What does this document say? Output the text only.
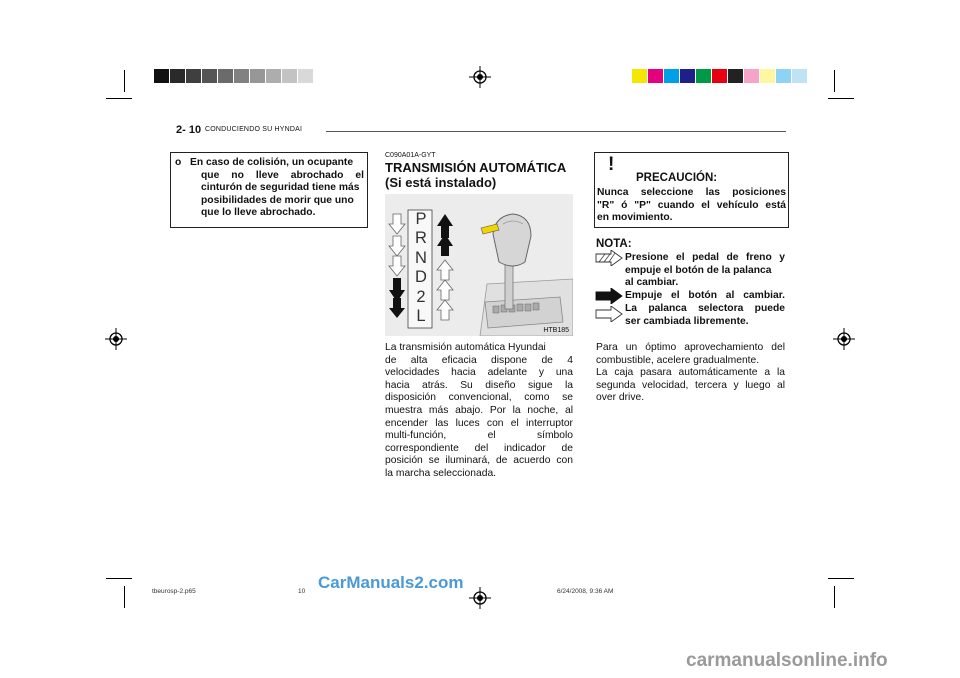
2- 10 CONDUCIENDO SU HYNDAI
o En caso de colisión, un ocupante
que no lleve abrochado el
cinturón de seguridad tiene más
posibilidades de morir que uno
que lo lleve abrochado.
C090A01A-GYT
TRANSMISIÓN AUTOMÁTICA
(Si está instalado)
P
R
N
D
2
L
HTB185
La transmisión automática Hyundai
de alta eficacia dispone de 4
velocidades hacia adelante y una
hacia atrás. Su diseño sigue la
disposición convencional, como se
muestra más abajo. Por la noche, al
encender las luces con el interruptor
multi-función, el símbolo
correspondiente del indicador de
posición se iluminará, de acuerdo con
la marcha seleccionada.
!
PRECAUCIÓN:
Nunca seleccione las posiciones
"R" ó "P" cuando el vehículo está
en movimiento.
NOTA:
Presione el pedal de freno y
empuje el botón de la palanca
al cambiar.
Empuje el botón al cambiar.
La palanca selectora puede
ser cambiada libremente.
Para un óptimo aprovechamiento del
combustible, acelere gradualmente.
La caja pasara automáticamente a la
segunda velocidad, tercera y luego al
over drive.
tbeurosp-2.p65	10	6/24/2008, 9:36 AM
CarManuals2.com
carmanualsonline.info
